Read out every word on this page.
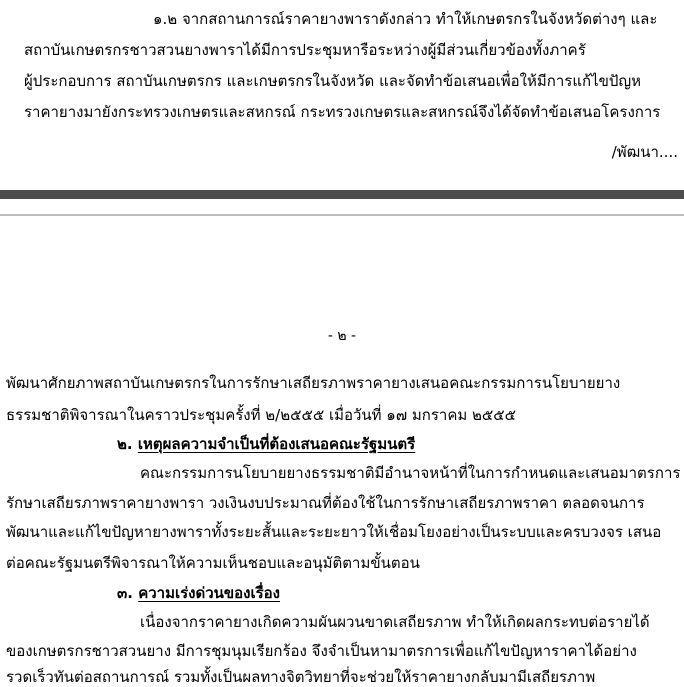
๑.๒ จากสถานการณ์ราคายางพาราดังกล่าว ทำให้เกษตรกรในจังหวัดต่างๆ และ
สถาบันเกษตรกรชาวสวนยางพาราได้มีการประชุมหารือระหว่างผู้มีส่วนเกี่ยวข้องทั้งภาครั
ผู้ประกอบการ สถาบันเกษตรกร และเกษตรกรในจังหวัด และจัดทำข้อเสนอเพื่อให้มีการแก้ไขปัญห
ราคายางมายังกระทรวงเกษตรและสหกรณ์ กระทรวงเกษตรและสหกรณ์จึงได้จัดทำข้อเสนอโครงการ
/พัฒนา....
- ๒ -
พัฒนาศักยภาพสถาบันเกษตรกรในการรักษาเสถียรภาพราคายางเสนอคณะกรรมการนโยบายยาง
ธรรมชาติพิจารณาในคราวประชุมครั้งที่ ๒/๒๕๕๕ เมื่อวันที่ ๑๗ มกราคม ๒๕๕๕
๒. เหตุผลความจำเป็นที่ต้องเสนอคณะรัฐมนตรี
คณะกรรมการนโยบายยางธรรมชาติมีอำนาจหน้าที่ในการกำหนดและเสนอมาตรการ
รักษาเสถียรภาพราคายางพารา วงเงินงบประมาณที่ต้องใช้ในการรักษาเสถียรภาพราคา ตลอดจนการ
พัฒนาและแก้ไขปัญหายางพาราทั้งระยะสั้นและระยะยาวให้เชื่อมโยงอย่างเป็นระบบและครบวงจร เสนอ
ต่อคณะรัฐมนตรีพิจารณาให้ความเห็นชอบและอนุมัติตามขั้นตอน
๓. ความเร่งด่วนของเรื่อง
เนื่องจากราคายางเกิดความผันผวนขาดเสถียรภาพ ทำให้เกิดผลกระทบต่อรายได้
ของเกษตรกรชาวสวนยาง มีการชุมนุมเรียกร้อง จึงจำเป็นหามาตรการเพื่อแก้ไขปัญหาราคาได้อย่าง
รวดเร็วทันต่อสถานการณ์ รวมทั้งเป็นผลทางจิตวิทยาที่จะช่วยให้ราคายางกลับมามีเสถียรภาพ
